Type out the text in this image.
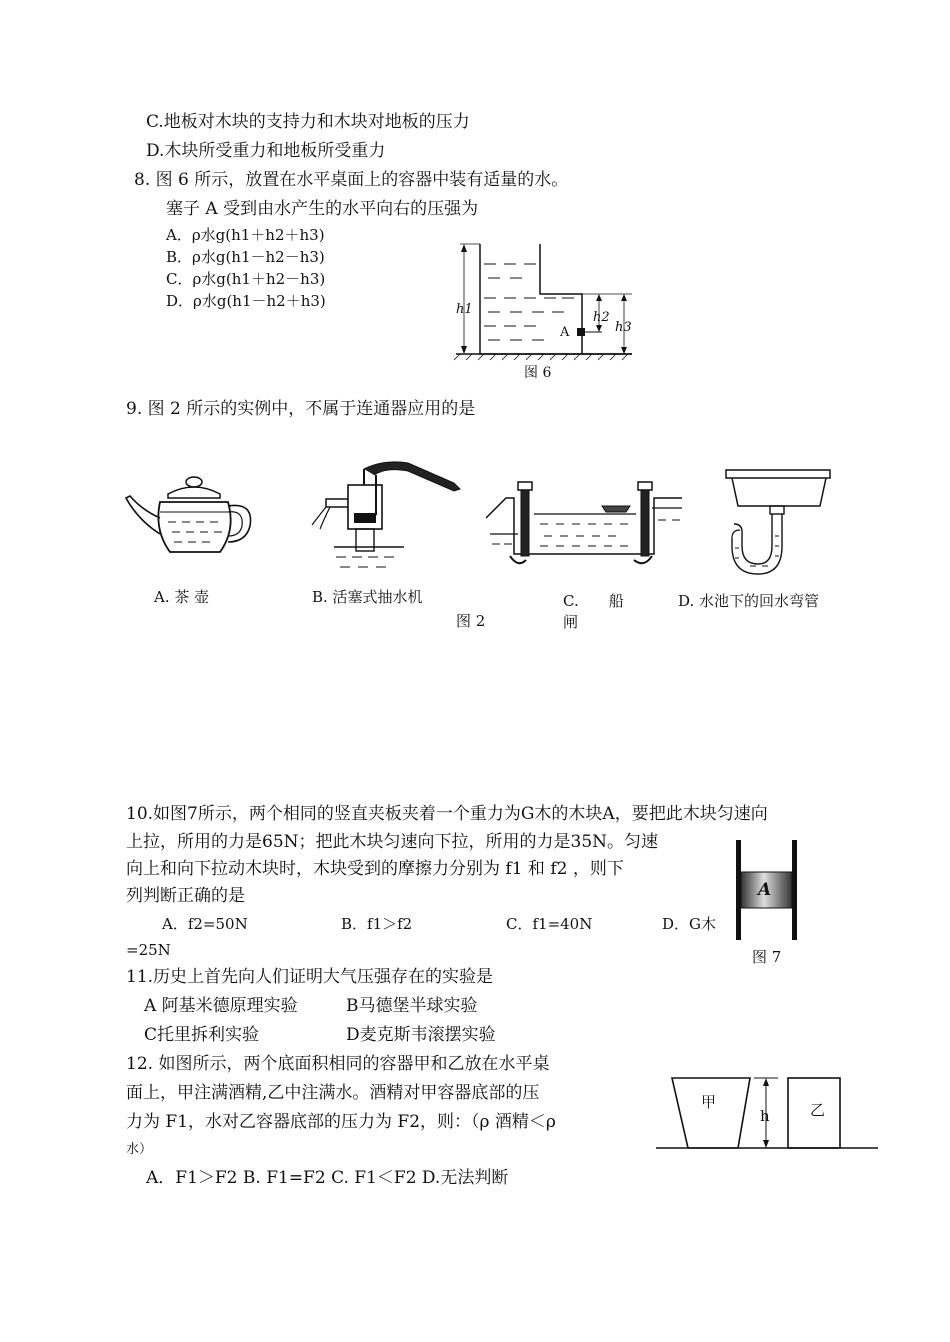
C.地板对木块的支持力和木块对地板的压力
D.木块所受重力和地板所受重力
8. 图 6 所示，放置在水平桌面上的容器中装有适量的水。
塞子 A 受到由水产生的水平向右的压强为
A．ρ水g(h1＋h2＋h3)
B．ρ水g(h1－h2－h3)
C．ρ水g(h1＋h2－h3)
D．ρ水g(h1－h2＋h3)	h1
h2
h3
A
图 6
9. 图 2 所示的实例中，不属于连通器应用的是
A. 茶 壶	B. 活塞式抽水机	C.　　船
闸
D. 水池下的回水弯管
图 2
10.如图7所示，两个相同的竖直夹板夹着一个重力为G木的木块A，要把此木块匀速向
上拉，所用的力是65N；把此木块匀速向下拉，所用的力是35N。匀速
向上和向下拉动木块时，木块受到的摩擦力分别为 f1 和 f2 ，则下
列判断正确的是
A．f2=50N	B．f1＞f2	C．f1=40N	D．G木
=25N
A
图 7
11.历史上首先向人们证明大气压强存在的实验是
A 阿基米德原理实验	B马德堡半球实验
C托里拆利实验	D麦克斯韦滚摆实验
12. 如图所示，两个底面积相同的容器甲和乙放在水平桌
面上，甲注满酒精,乙中注满水。酒精对甲容器底部的压
力为 F1，水对乙容器底部的压力为 F2，则：（ρ 酒精＜ρ
水）
A．F1＞F2 B. F1=F2 C. F1＜F2 D.无法判断
甲	乙
h
